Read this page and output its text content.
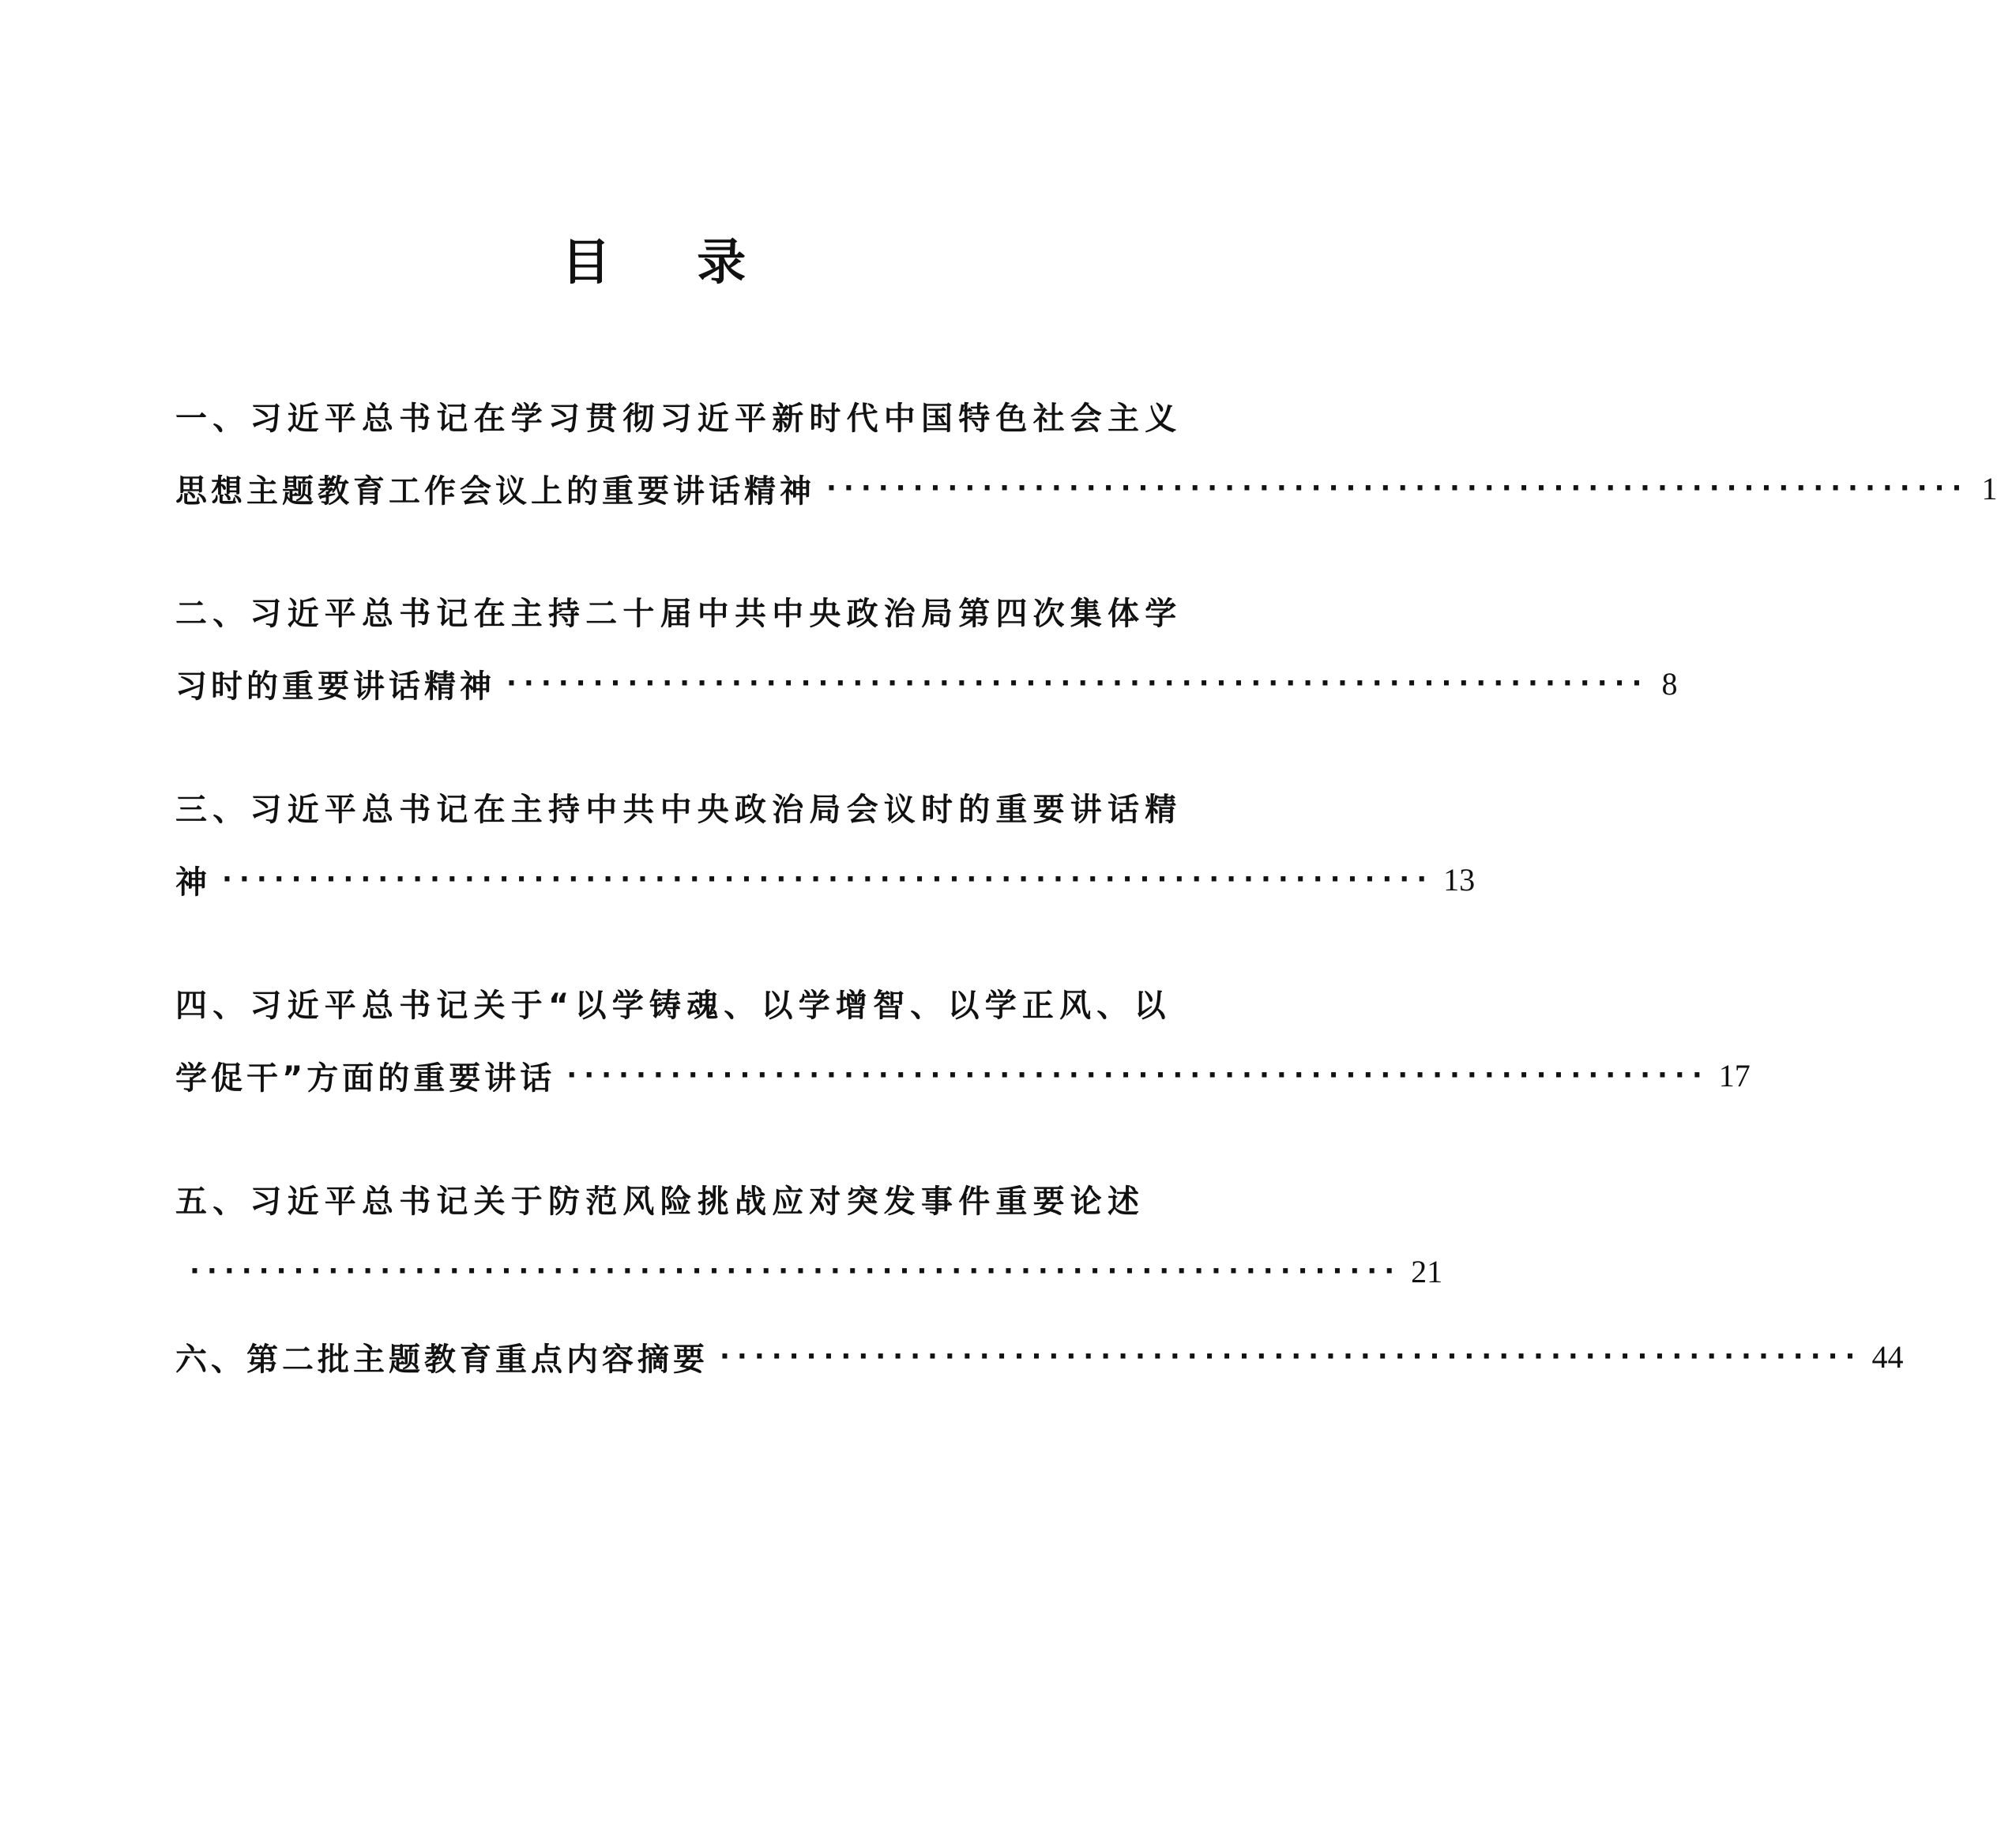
目 录
一、习近平总书记在学习贯彻习近平新时代中国特色社会主义
思想主题教育工作会议上的重要讲话精神 ·································································· 1
二、习近平总书记在主持二十届中共中央政治局第四次集体学
习时的重要讲话精神 ·································································· 8
三、习近平总书记在主持中共中央政治局会议时的重要讲话精
神 ······································································ 13
四、习近平总书记关于“以学铸魂、以学增智、以学正风、以
学促干”方面的重要讲话 ·································································· 17
五、习近平总书记关于防范风险挑战应对突发事件重要论述
······································································ 21
六、第二批主题教育重点内容摘要 ·································································· 44
